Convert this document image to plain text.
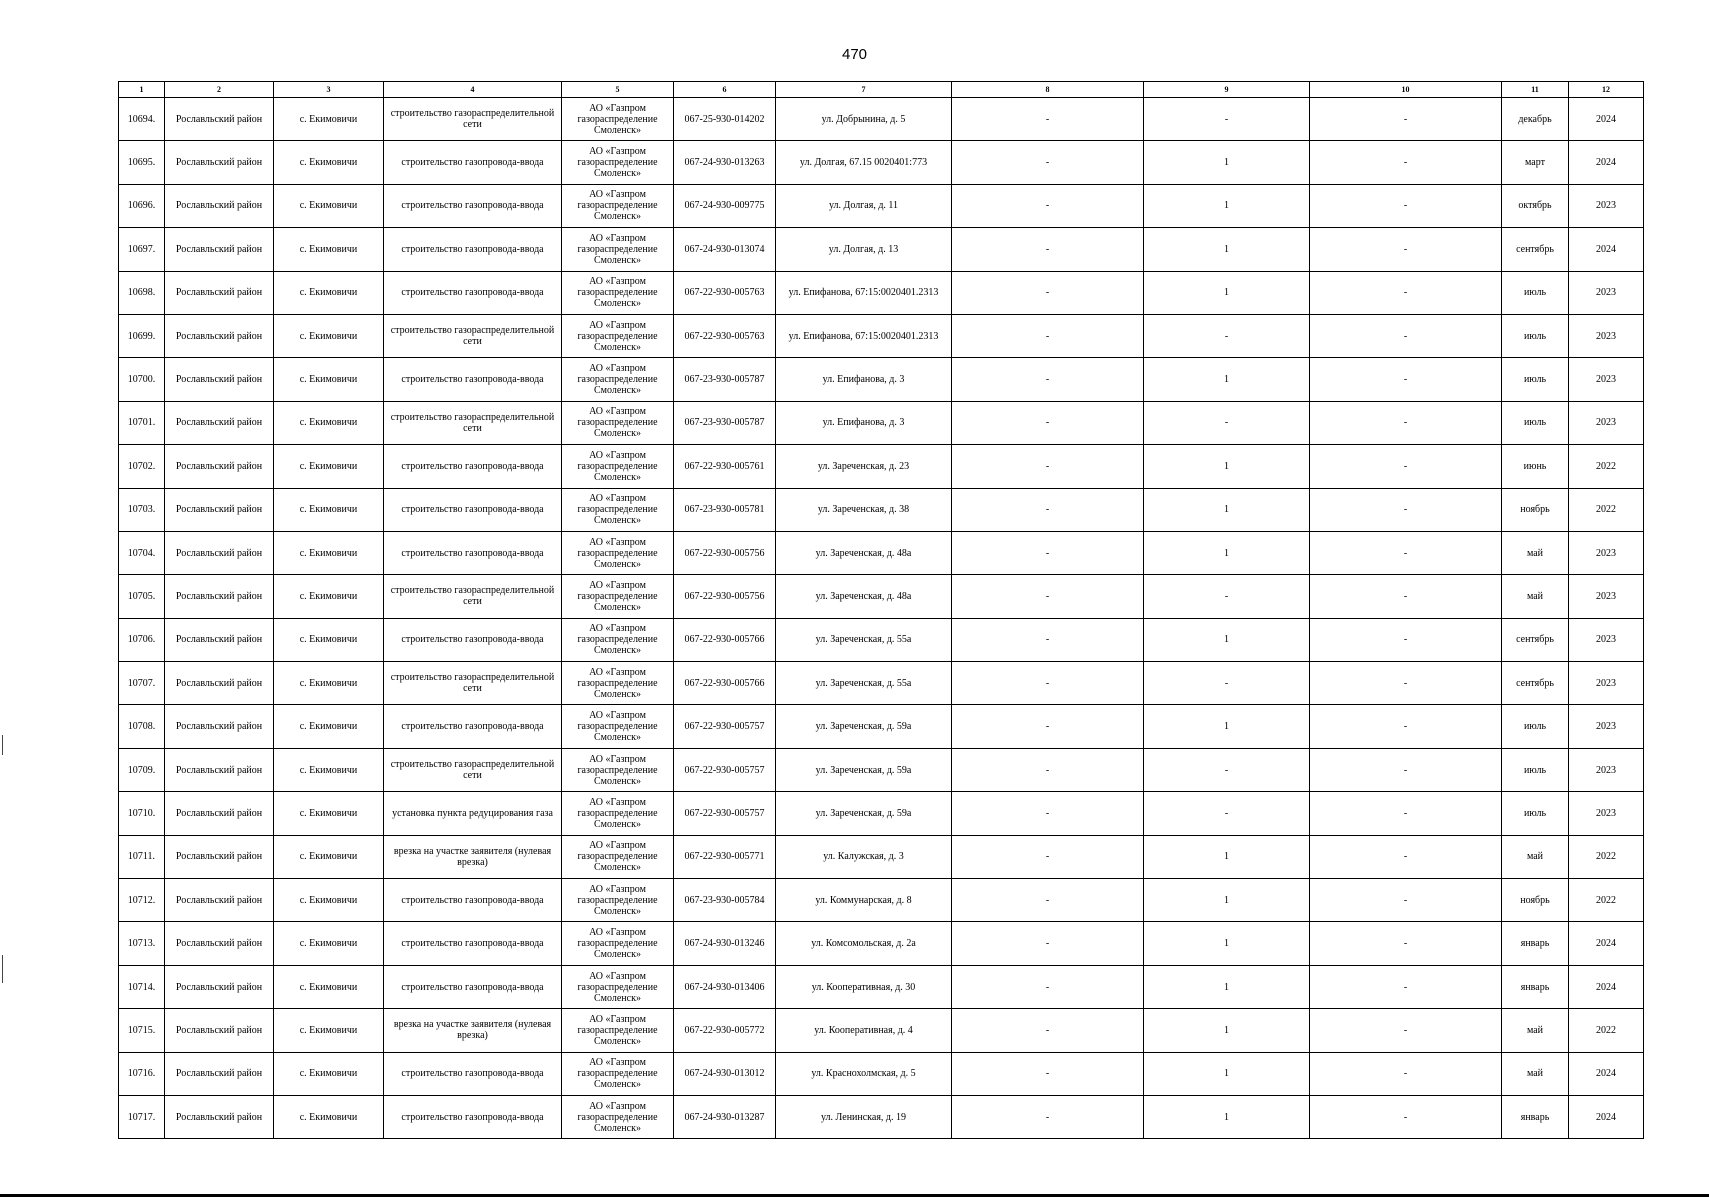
470
1	2	3	4	5	6	7	8	9	10	11	12
10694.	Рославльский район	с. Екимовичи	строительство газораспределительной сети	АО «Газпром газораспределение Смоленск»	067-25-930-014202	ул. Добрынина, д. 5	-	-	-	декабрь	2024
10695.	Рославльский район	с. Екимовичи	строительство газопровода-ввода	АО «Газпром газораспределение Смоленск»	067-24-930-013263	ул. Долгая, 67.15 0020401:773	-	1	-	март	2024
10696.	Рославльский район	с. Екимовичи	строительство газопровода-ввода	АО «Газпром газораспределение Смоленск»	067-24-930-009775	ул. Долгая, д. 11	-	1	-	октябрь	2023
10697.	Рославльский район	с. Екимовичи	строительство газопровода-ввода	АО «Газпром газораспределение Смоленск»	067-24-930-013074	ул. Долгая, д. 13	-	1	-	сентябрь	2024
10698.	Рославльский район	с. Екимовичи	строительство газопровода-ввода	АО «Газпром газораспределение Смоленск»	067-22-930-005763	ул. Епифанова, 67:15:0020401.2313	-	1	-	июль	2023
10699.	Рославльский район	с. Екимовичи	строительство газораспределительной сети	АО «Газпром газораспределение Смоленск»	067-22-930-005763	ул. Епифанова, 67:15:0020401.2313	-	-	-	июль	2023
10700.	Рославльский район	с. Екимовичи	строительство газопровода-ввода	АО «Газпром газораспределение Смоленск»	067-23-930-005787	ул. Епифанова, д. 3	-	1	-	июль	2023
10701.	Рославльский район	с. Екимовичи	строительство газораспределительной сети	АО «Газпром газораспределение Смоленск»	067-23-930-005787	ул. Епифанова, д. 3	-	-	-	июль	2023
10702.	Рославльский район	с. Екимовичи	строительство газопровода-ввода	АО «Газпром газораспределение Смоленск»	067-22-930-005761	ул. Зареченская, д. 23	-	1	-	июнь	2022
10703.	Рославльский район	с. Екимовичи	строительство газопровода-ввода	АО «Газпром газораспределение Смоленск»	067-23-930-005781	ул. Зареченская, д. 38	-	1	-	ноябрь	2022
10704.	Рославльский район	с. Екимовичи	строительство газопровода-ввода	АО «Газпром газораспределение Смоленск»	067-22-930-005756	ул. Зареченская, д. 48а	-	1	-	май	2023
10705.	Рославльский район	с. Екимовичи	строительство газораспределительной сети	АО «Газпром газораспределение Смоленск»	067-22-930-005756	ул. Зареченская, д. 48а	-	-	-	май	2023
10706.	Рославльский район	с. Екимовичи	строительство газопровода-ввода	АО «Газпром газораспределение Смоленск»	067-22-930-005766	ул. Зареченская, д. 55а	-	1	-	сентябрь	2023
10707.	Рославльский район	с. Екимовичи	строительство газораспределительной сети	АО «Газпром газораспределение Смоленск»	067-22-930-005766	ул. Зареченская, д. 55а	-	-	-	сентябрь	2023
10708.	Рославльский район	с. Екимовичи	строительство газопровода-ввода	АО «Газпром газораспределение Смоленск»	067-22-930-005757	ул. Зареченская, д. 59а	-	1	-	июль	2023
10709.	Рославльский район	с. Екимовичи	строительство газораспределительной сети	АО «Газпром газораспределение Смоленск»	067-22-930-005757	ул. Зареченская, д. 59а	-	-	-	июль	2023
10710.	Рославльский район	с. Екимовичи	установка пункта редуцирования газа	АО «Газпром газораспределение Смоленск»	067-22-930-005757	ул. Зареченская, д. 59а	-	-	-	июль	2023
10711.	Рославльский район	с. Екимовичи	врезка на участке заявителя (нулевая врезка)	АО «Газпром газораспределение Смоленск»	067-22-930-005771	ул. Калужская, д. 3	-	1	-	май	2022
10712.	Рославльский район	с. Екимовичи	строительство газопровода-ввода	АО «Газпром газораспределение Смоленск»	067-23-930-005784	ул. Коммунарская, д. 8	-	1	-	ноябрь	2022
10713.	Рославльский район	с. Екимовичи	строительство газопровода-ввода	АО «Газпром газораспределение Смоленск»	067-24-930-013246	ул. Комсомольская, д. 2а	-	1	-	январь	2024
10714.	Рославльский район	с. Екимовичи	строительство газопровода-ввода	АО «Газпром газораспределение Смоленск»	067-24-930-013406	ул. Кооперативная, д. 30	-	1	-	январь	2024
10715.	Рославльский район	с. Екимовичи	врезка на участке заявителя (нулевая врезка)	АО «Газпром газораспределение Смоленск»	067-22-930-005772	ул. Кооперативная, д. 4	-	1	-	май	2022
10716.	Рославльский район	с. Екимовичи	строительство газопровода-ввода	АО «Газпром газораспределение Смоленск»	067-24-930-013012	ул. Краснохолмская, д. 5	-	1	-	май	2024
10717.	Рославльский район	с. Екимовичи	строительство газопровода-ввода	АО «Газпром газораспределение Смоленск»	067-24-930-013287	ул. Ленинская, д. 19	-	1	-	январь	2024
